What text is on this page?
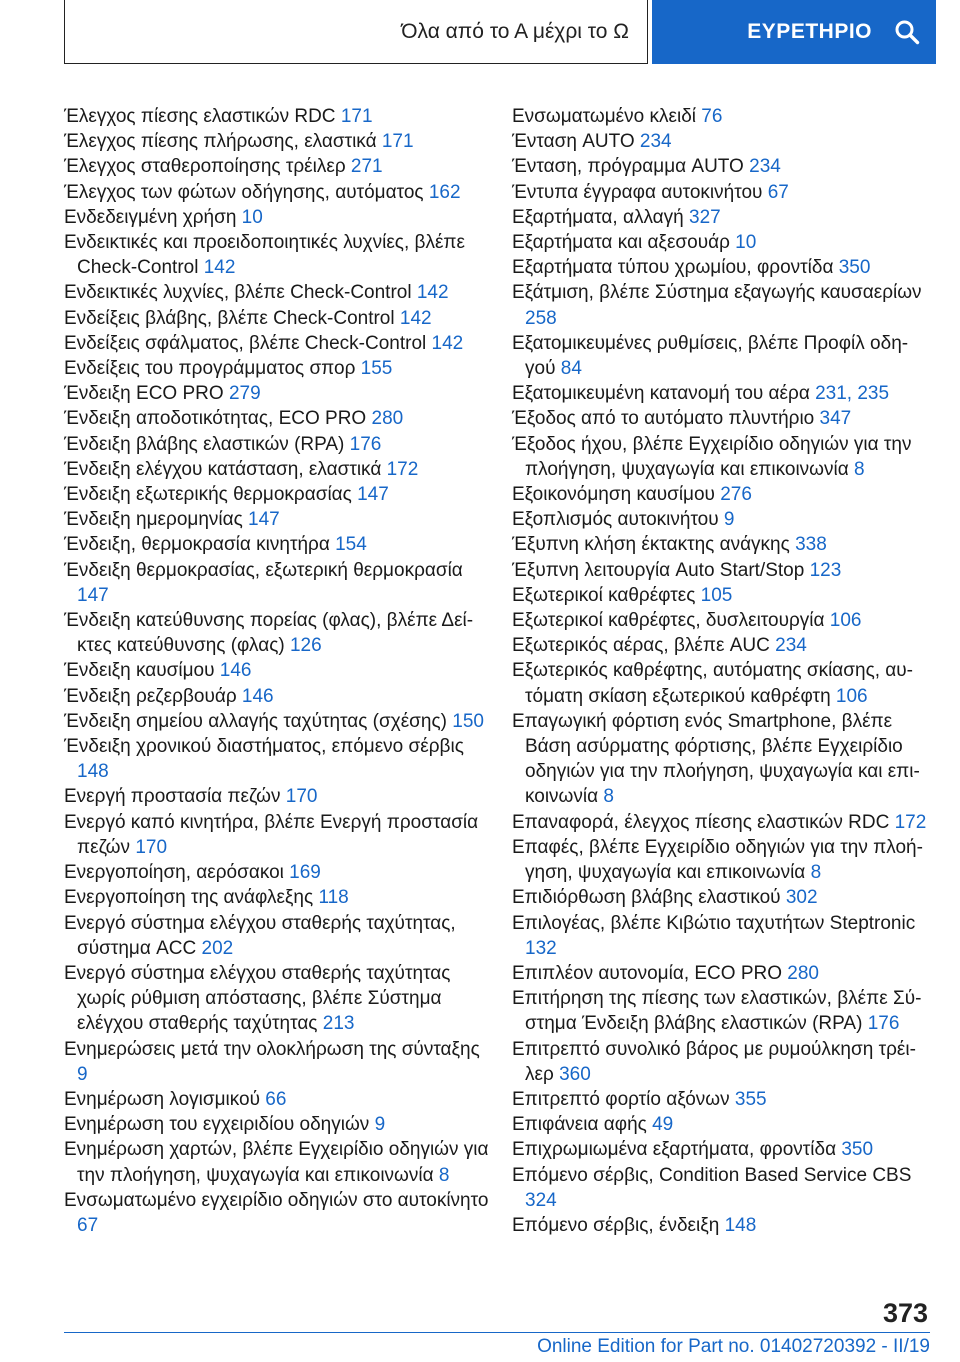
Όλα από το Α μέχρι το Ω	ΕΥΡΕΤΗΡΙΟ

Έλεγχος πίεσης ελαστικών RDC 171

Έλεγχος πίεσης πλήρωσης, ελαστικά 171

Έλεγχος σταθεροποίησης τρέιλερ 271

Έλεγχος των φώτων οδήγησης, αυτόματος 162

Ενδεδειγμένη χρήση 10

Ενδεικτικές και προειδοποιητικές λυχνίες, βλέπε Check-Control 142

Ενδεικτικές λυχνίες, βλέπε Check-Control 142

Ενδείξεις βλάβης, βλέπε Check-Control 142

Ενδείξεις σφάλματος, βλέπε Check-Control 142

Ενδείξεις του προγράμματος σπορ 155

Ένδειξη ECO PRO 279

Ένδειξη αποδοτικότητας, ECO PRO 280

Ένδειξη βλάβης ελαστικών (RPA) 176

Ένδειξη ελέγχου κατάσταση, ελαστικά 172

Ένδειξη εξωτερικής θερμοκρασίας 147

Ένδειξη ημερομηνίας 147

Ένδειξη, θερμοκρασία κινητήρα 154

Ένδειξη θερμοκρασίας, εξωτερική θερμοκρασία 147

Ένδειξη κατεύθυνσης πορείας (φλας), βλέπε Δείκτες κατεύθυνσης (φλας) 126

Ένδειξη καυσίμου 146

Ένδειξη ρεζερβουάρ 146

Ένδειξη σημείου αλλαγής ταχύτητας (σχέσης) 150

Ένδειξη χρονικού διαστήματος, επόμενο σέρβις 148

Ενεργή προστασία πεζών 170

Ενεργό καπό κινητήρα, βλέπε Ενεργή προστασία πεζών 170

Ενεργοποίηση, αερόσακοι 169

Ενεργοποίηση της ανάφλεξης 118

Ενεργό σύστημα ελέγχου σταθερής ταχύτητας, σύστημα ACC 202

Ενεργό σύστημα ελέγχου σταθερής ταχύτητας χωρίς ρύθμιση απόστασης, βλέπε Σύστημα ελέγχου σταθερής ταχύτητας 213

Ενημερώσεις μετά την ολοκλήρωση της σύνταξης 9

Ενημέρωση λογισμικού 66

Ενημέρωση του εγχειριδίου οδηγιών 9

Ενημέρωση χαρτών, βλέπε Εγχειρίδιο οδηγιών για την πλοήγηση, ψυχαγωγία και επικοινωνία 8

Ενσωματωμένο εγχειρίδιο οδηγιών στο αυτοκίνητο 67

Ενσωματωμένο κλειδί 76

Ένταση AUTO 234

Ένταση, πρόγραμμα AUTO 234

Έντυπα έγγραφα αυτοκινήτου 67

Εξαρτήματα, αλλαγή 327

Εξαρτήματα και αξεσουάρ 10

Εξαρτήματα τύπου χρωμίου, φροντίδα 350

Εξάτμιση, βλέπε Σύστημα εξαγωγής καυσαερίων 258

Εξατομικευμένες ρυθμίσεις, βλέπε Προφίλ οδηγού 84

Εξατομικευμένη κατανομή του αέρα 231, 235

Έξοδος από το αυτόματο πλυντήριο 347

Έξοδος ήχου, βλέπε Εγχειρίδιο οδηγιών για την πλοήγηση, ψυχαγωγία και επικοινωνία 8

Εξοικονόμηση καυσίμου 276

Εξοπλισμός αυτοκινήτου 9

Έξυπνη κλήση έκτακτης ανάγκης 338

Έξυπνη λειτουργία Auto Start/Stop 123

Εξωτερικοί καθρέφτες 105

Εξωτερικοί καθρέφτες, δυσλειτουργία 106

Εξωτερικός αέρας, βλέπε AUC 234

Εξωτερικός καθρέφτης, αυτόματης σκίασης, αυτόματη σκίαση εξωτερικού καθρέφτη 106

Επαγωγική φόρτιση ενός Smartphone, βλέπε Βάση ασύρματης φόρτισης, βλέπε Εγχειρίδιο οδηγιών για την πλοήγηση, ψυχαγωγία και επικοινωνία 8

Επαναφορά, έλεγχος πίεσης ελαστικών RDC 172

Επαφές, βλέπε Εγχειρίδιο οδηγιών για την πλοήγηση, ψυχαγωγία και επικοινωνία 8

Επιδιόρθωση βλάβης ελαστικού 302

Επιλογέας, βλέπε Κιβώτιο ταχυτήτων Steptronic 132

Επιπλέον αυτονομία, ECO PRO 280

Επιτήρηση της πίεσης των ελαστικών, βλέπε Σύστημα Ένδειξη βλάβης ελαστικών (RPA) 176

Επιτρεπτό συνολικό βάρος με ρυμούλκηση τρέιλερ 360

Επιτρεπτό φορτίο αξόνων 355

Επιφάνεια αφής 49

Επιχρωμιωμένα εξαρτήματα, φροντίδα 350

Επόμενο σέρβις, Condition Based Service CBS 324

Επόμενο σέρβις, ένδειξη 148

373
Online Edition for Part no. 01402720392 - II/19
